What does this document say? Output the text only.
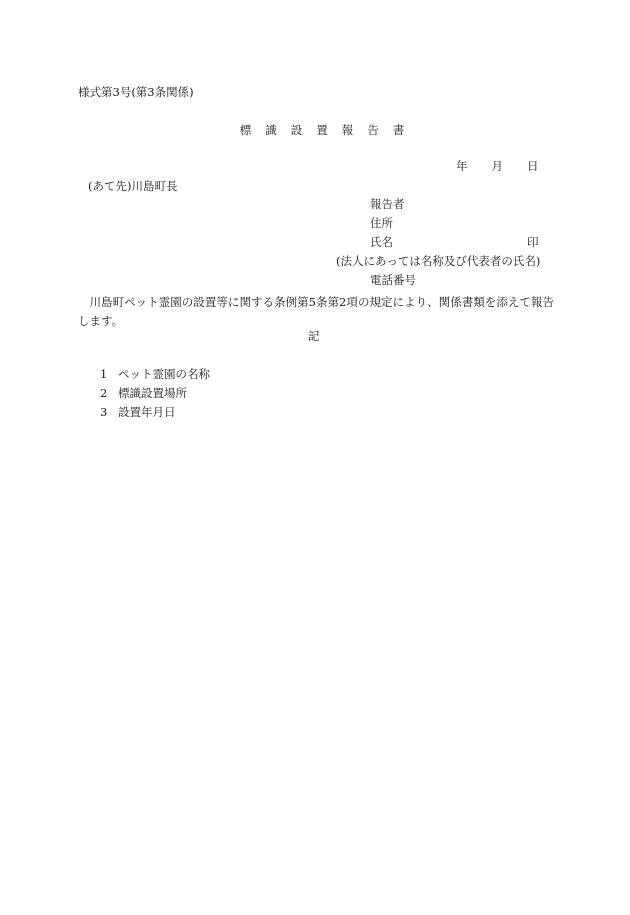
様式第3号(第3条関係)
標識設置報告書
年 月 日
(あて先)川島町長
報告者
住所
氏名	印
(法人にあっては名称及び代表者の氏名)
電話番号
川島町ペット霊園の設置等に関する条例第5条第2項の規定により、関係書類を添えて報告します。
記
1 ペット霊園の名称
2 標識設置場所
3 設置年月日
